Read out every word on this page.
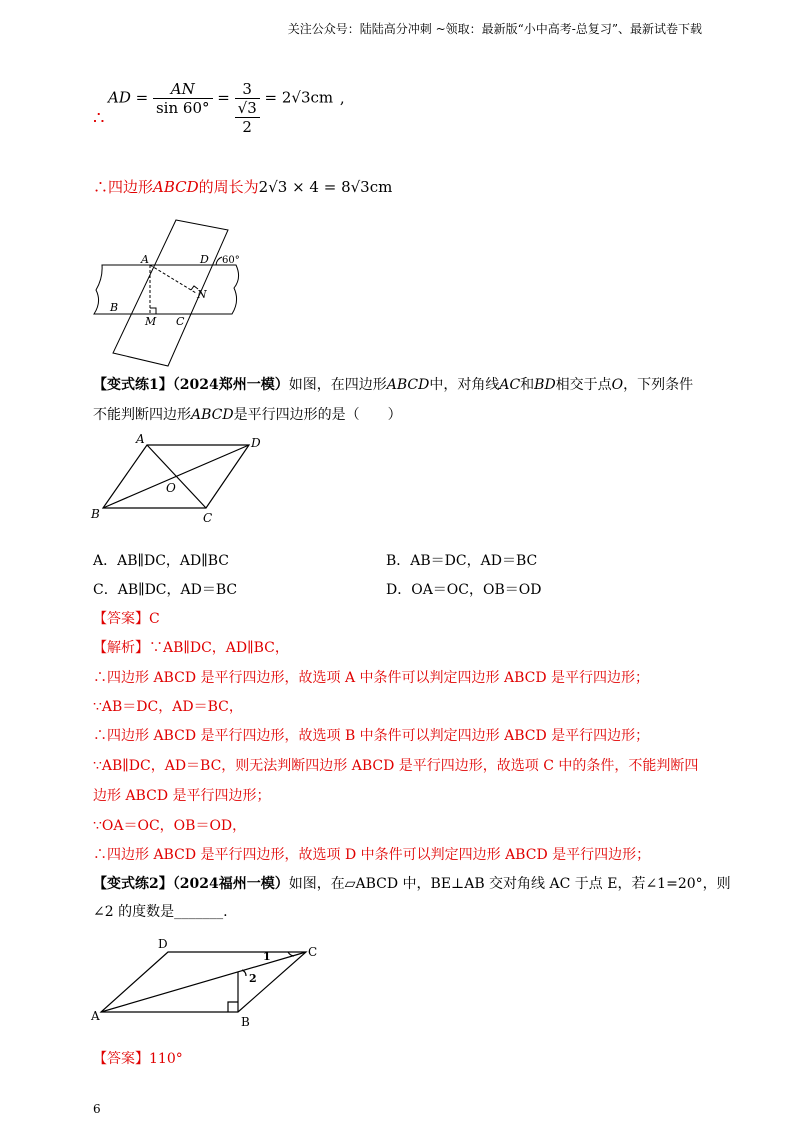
关注公众号：陆陆高分冲刺 ~领取：最新版“小中高考-总复习”、最新试卷下载
∴
AD = $\frac{AN}{\sin 60^\circ} = 3$
√3
2
= 2√3cm ,
∴四边形ABCD的周长为2√3 × 4 = 8√3cm
A	D 60°
N
B
M C
【变式练1】（2024郑州一模）如图，在四边形ABCD中，对角线AC和BD相交于点O，下列条件
不能判断四边形ABCD是平行四边形的是（　　）
A	D
O
B	C
A．AB∥DC，AD∥BC	B．AB＝DC，AD＝BC
C．AB∥DC，AD＝BC	D．OA＝OC，OB＝OD
【答案】C
【解析】∵AB∥DC，AD∥BC，
∴四边形 ABCD 是平行四边形，故选项 A 中条件可以判定四边形 ABCD 是平行四边形；
∵AB＝DC，AD＝BC，
∴四边形 ABCD 是平行四边形，故选项 B 中条件可以判定四边形 ABCD 是平行四边形；
∵AB∥DC，AD＝BC，则无法判断四边形 ABCD 是平行四边形，故选项 C 中的条件，不能判断四
边形 ABCD 是平行四边形；
∵OA＝OC，OB＝OD，
∴四边形 ABCD 是平行四边形，故选项 D 中条件可以判定四边形 ABCD 是平行四边形；
【变式练2】（2024福州一模）如图，在▱ABCD 中，BE⊥AB 交对角线 AC 于点 E，若∠1=20°，则
∠2 的度数是_______.
D
C
1
2
A	B
【答案】110°
6
